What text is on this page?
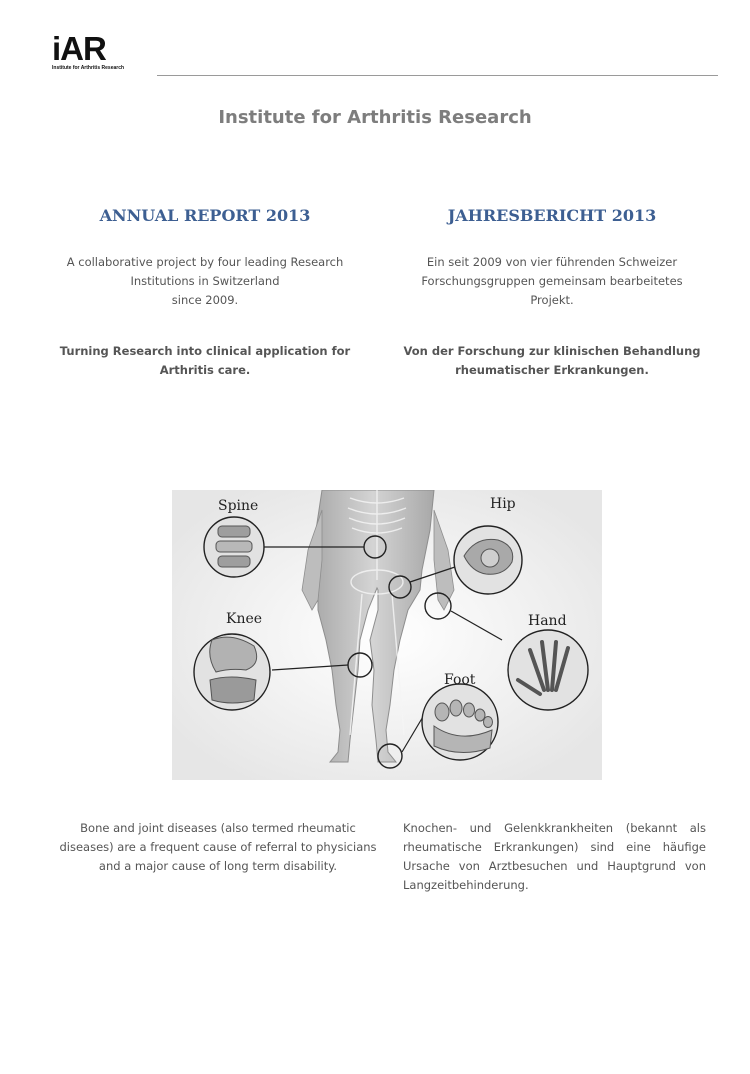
iAR
Institute for Arthritis Research
Institute for Arthritis Research
ANNUAL REPORT 2013	JAHRESBERICHT 2013
A collaborative project by four leading Research
Institutions in Switzerland
since 2009.
Ein seit 2009 von vier führenden Schweizer
Forschungsgruppen gemeinsam bearbeitetes
Projekt.
Turning Research into clinical application for Arthritis care.
Von der Forschung zur klinischen Behandlung rheumatischer Erkrankungen.
Spine	Hip
Knee	Hand
Foot
Bone and joint diseases (also termed rheumatic diseases) are a frequent cause of referral to physicians and a major cause of long term disability.
Knochen- und Gelenkkrankheiten (bekannt als rheumatische Erkrankungen) sind eine häufige Ursache von Arztbesuchen und Hauptgrund von Langzeitbehinderung.
